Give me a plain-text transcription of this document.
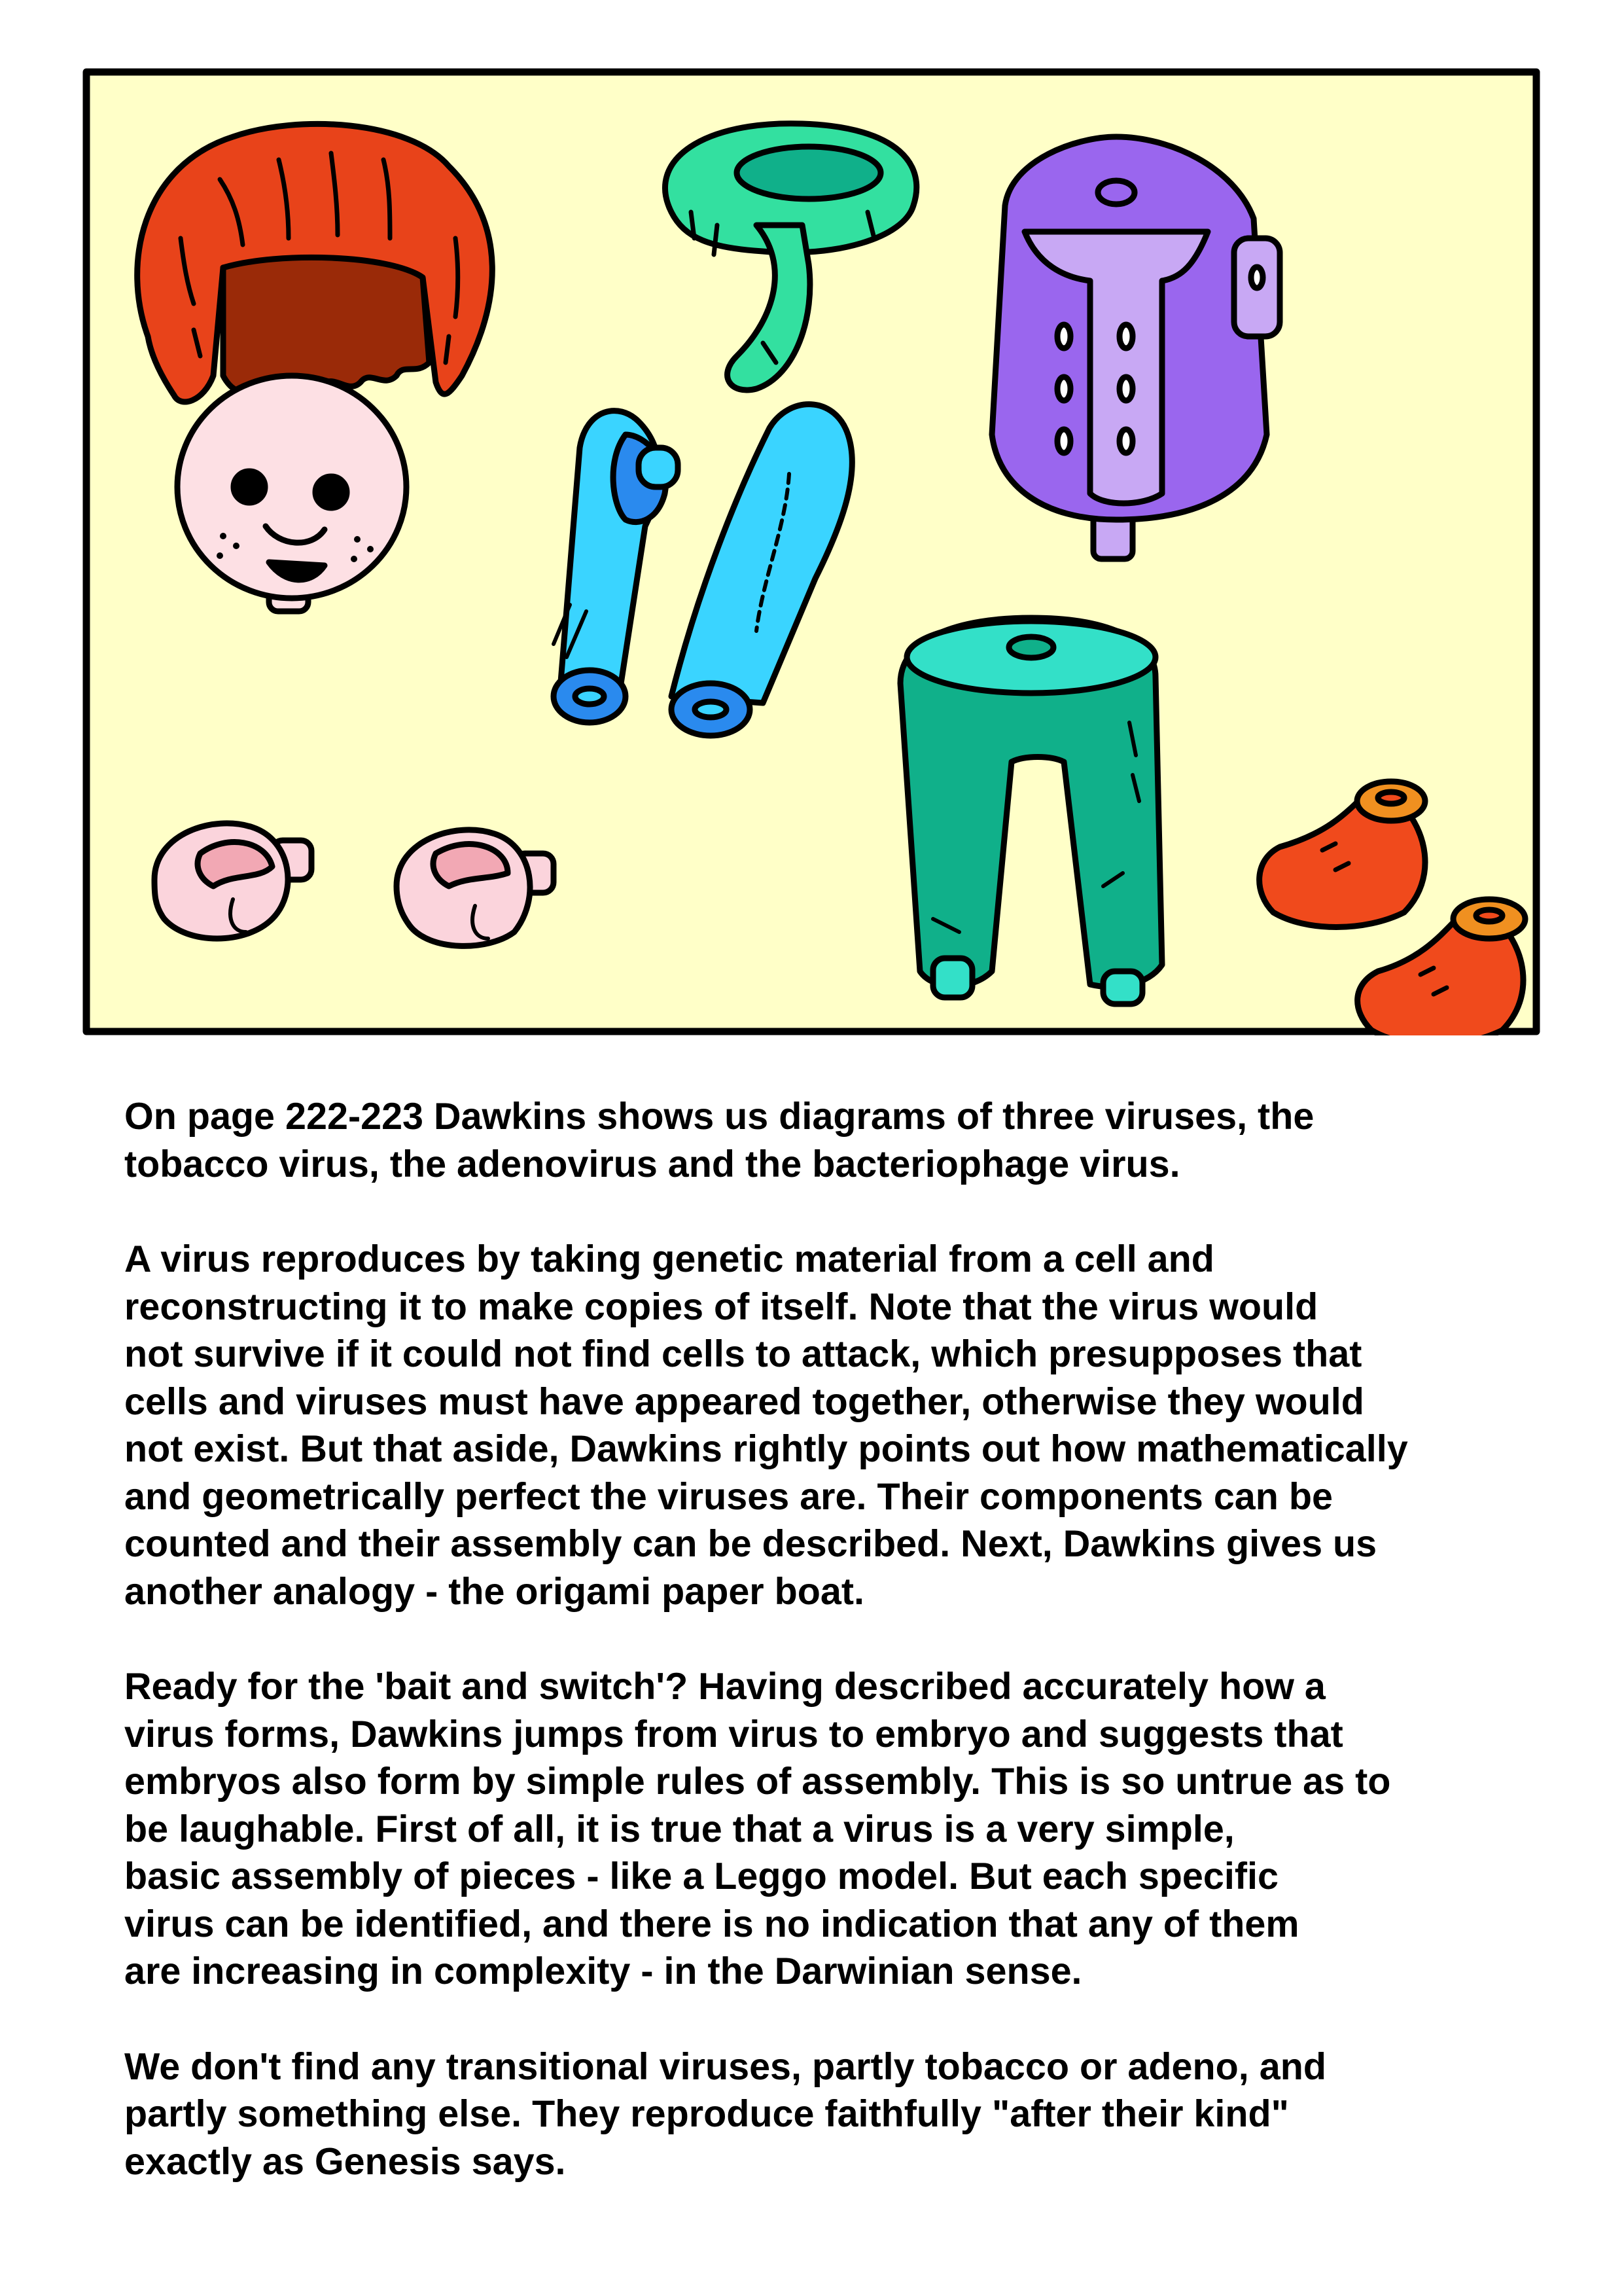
On page 222-223 Dawkins shows us diagrams of three viruses, the
tobacco virus, the adenovirus and the bacteriophage virus.

A virus reproduces by taking genetic material from a cell and
reconstructing it to make copies of itself. Note that the virus would
not survive if it could not find cells to attack, which presupposes that
cells and viruses must have appeared together, otherwise they would
not exist. But that aside, Dawkins rightly points out how mathematically
and geometrically perfect the viruses are. Their components can be
counted and their assembly can be described. Next, Dawkins gives us
another analogy - the origami paper boat.

Ready for the 'bait and switch'? Having described accurately how a
virus forms, Dawkins jumps from virus to embryo and suggests that
embryos also form by simple rules of assembly. This is so untrue as to
be laughable. First of all, it is true that a virus is a very simple,
basic assembly of pieces - like a Leggo model. But each specific
virus can be identified, and there is no indication that any of them
are increasing in complexity - in the Darwinian sense.

We don't find any transitional viruses, partly tobacco or adeno, and
partly something else. They reproduce faithfully "after their kind"
exactly as Genesis says.
